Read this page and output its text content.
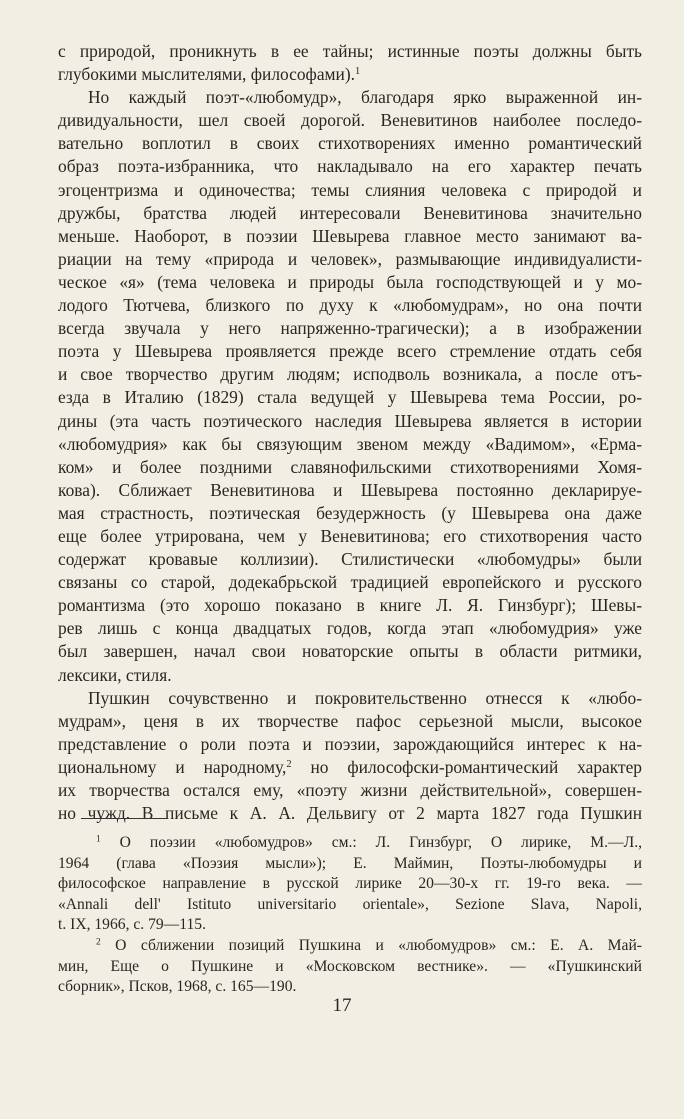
с природой, проникнуть в ее тайны; истинные поэты должны быть
глубокими мыслителями, философами).$^1$
Но каждый поэт-«любомудр», благодаря ярко выраженной ин-
дивидуальности, шел своей дорогой. Веневитинов наиболее последо-
вательно воплотил в своих стихотворениях именно романтический
образ поэта-избранника, что накладывало на его характер печать
эгоцентризма и одиночества; темы слияния человека с природой и
дружбы, братства людей интересовали Веневитинова значительно
меньше. Наоборот, в поэзии Шевырева главное место занимают ва-
риации на тему «природа и человек», размывающие индивидуалисти-
ческое «я» (тема человека и природы была господствующей и у мо-
лодого Тютчева, близкого по духу к «любомудрам», но она почти
всегда звучала у него напряженно-трагически); а в изображении
поэта у Шевырева проявляется прежде всего стремление отдать себя
и свое творчество другим людям; исподволь возникала, а после отъ-
езда в Италию (1829) стала ведущей у Шевырева тема России, ро-
дины (эта часть поэтического наследия Шевырева является в истории
«любомудрия» как бы связующим звеном между «Вадимом», «Ерма-
ком» и более поздними славянофильскими стихотворениями Хомя-
кова). Сближает Веневитинова и Шевырева постоянно декларируе-
мая страстность, поэтическая безудержность (у Шевырева она даже
еще более утрирована, чем у Веневитинова; его стихотворения часто
содержат кровавые коллизии). Стилистически «любомудры» были
связаны со старой, додекабрьской традицией европейского и русского
романтизма (это хорошо показано в книге Л. Я. Гинзбург); Шевы-
рев лишь с конца двадцатых годов, когда этап «любомудрия» уже
был завершен, начал свои новаторские опыты в области ритмики,
лексики, стиля.
Пушкин сочувственно и покровительственно отнесся к «любо-
мудрам», ценя в их творчестве пафос серьезной мысли, высокое
представление о роли поэта и поэзии, зарождающийся интерес к на-
циональному и народному,$^2$ но философски-романтический характер
их творчества остался ему, «поэту жизни действительной», совершен-
но чужд. В письме к А. А. Дельвигу от 2 марта 1827 года Пушкин
$^1$ О поэзии «любомудров» см.: Л. Гинзбург, О лирике, М.—Л.,
1964 (глава «Поэзия мысли»); Е. Маймин, Поэты-любомудры и
философское направление в русской лирике 20—30-х гг. 19-го века. —
«Annali dell' Istituto universitario orientale», Sezione Slava, Napoli,
t. IX, 1966, с. 79—115.
$^2$ О сближении позиций Пушкина и «любомудров» см.: Е. А. Май-
мин, Еще о Пушкине и «Московском вестнике». — «Пушкинский
сборник», Псков, 1968, с. 165—190.
17
